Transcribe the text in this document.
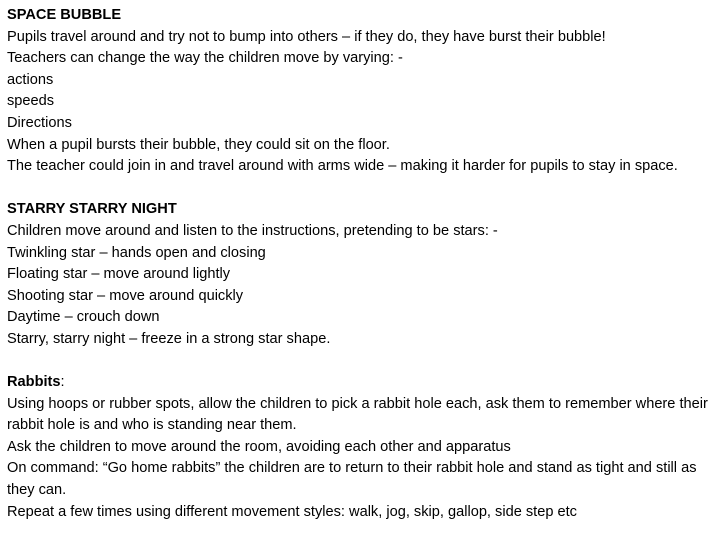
SPACE BUBBLE

Pupils travel around and try not to bump into others – if they do, they have burst their bubble!

Teachers can change the way the children move by varying: -

actions

speeds

Directions

When a pupil bursts their bubble, they could sit on the floor.

The teacher could join in and travel around with arms wide – making it harder for pupils to stay in space.

STARRY STARRY NIGHT

Children move around and listen to the instructions, pretending to be stars: -

Twinkling star – hands open and closing

Floating star – move around lightly

Shooting star – move around quickly

Daytime – crouch down

Starry, starry night – freeze in a strong star shape.

Rabbits:

Using hoops or rubber spots, allow the children to pick a rabbit hole each, ask them to remember where their rabbit hole is and who is standing near them.

Ask the children to move around the room, avoiding each other and apparatus

On command: “Go home rabbits” the children are to return to their rabbit hole and stand as tight and still as they can.

Repeat a few times using different movement styles: walk, jog, skip, gallop, side step etc
